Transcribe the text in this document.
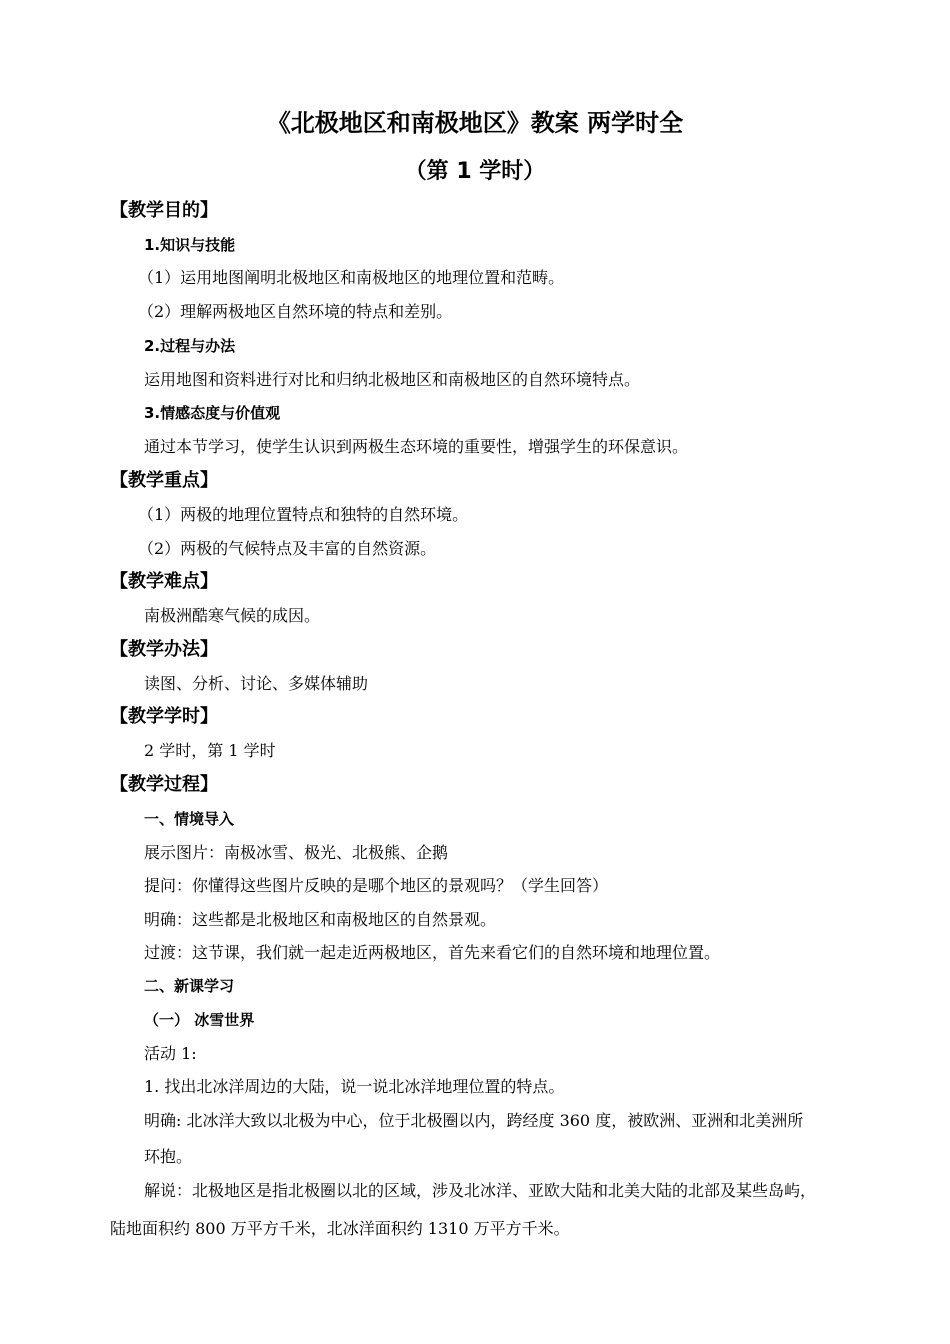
《北极地区和南极地区》教案 两学时全
（第 1 学时）
【教学目的】
1.知识与技能
（1）运用地图阐明北极地区和南极地区的地理位置和范畴。
（2）理解两极地区自然环境的特点和差别。
2.过程与办法
运用地图和资料进行对比和归纳北极地区和南极地区的自然环境特点。
3.情感态度与价值观
通过本节学习，使学生认识到两极生态环境的重要性，增强学生的环保意识。
【教学重点】
（1）两极的地理位置特点和独特的自然环境。
（2）两极的气候特点及丰富的自然资源。
【教学难点】
南极洲酷寒气候的成因。
【教学办法】
读图、分析、讨论、多媒体辅助
【教学学时】
2 学时，第 1 学时
【教学过程】
一、情境导入
展示图片：南极冰雪、极光、北极熊、企鹅
提问：你懂得这些图片反映的是哪个地区的景观吗？（学生回答）
明确：这些都是北极地区和南极地区的自然景观。
过渡：这节课，我们就一起走近两极地区，首先来看它们的自然环境和地理位置。
二、新课学习
（一） 冰雪世界
活动 1:
1. 找出北冰洋周边的大陆，说一说北冰洋地理位置的特点。
明确: 北冰洋大致以北极为中心，位于北极圈以内，跨经度 360 度，被欧洲、亚洲和北美洲所
环抱。
解说：北极地区是指北极圈以北的区域，涉及北冰洋、亚欧大陆和北美大陆的北部及某些岛屿，
陆地面积约 800 万平方千米，北冰洋面积约 1310 万平方千米。
